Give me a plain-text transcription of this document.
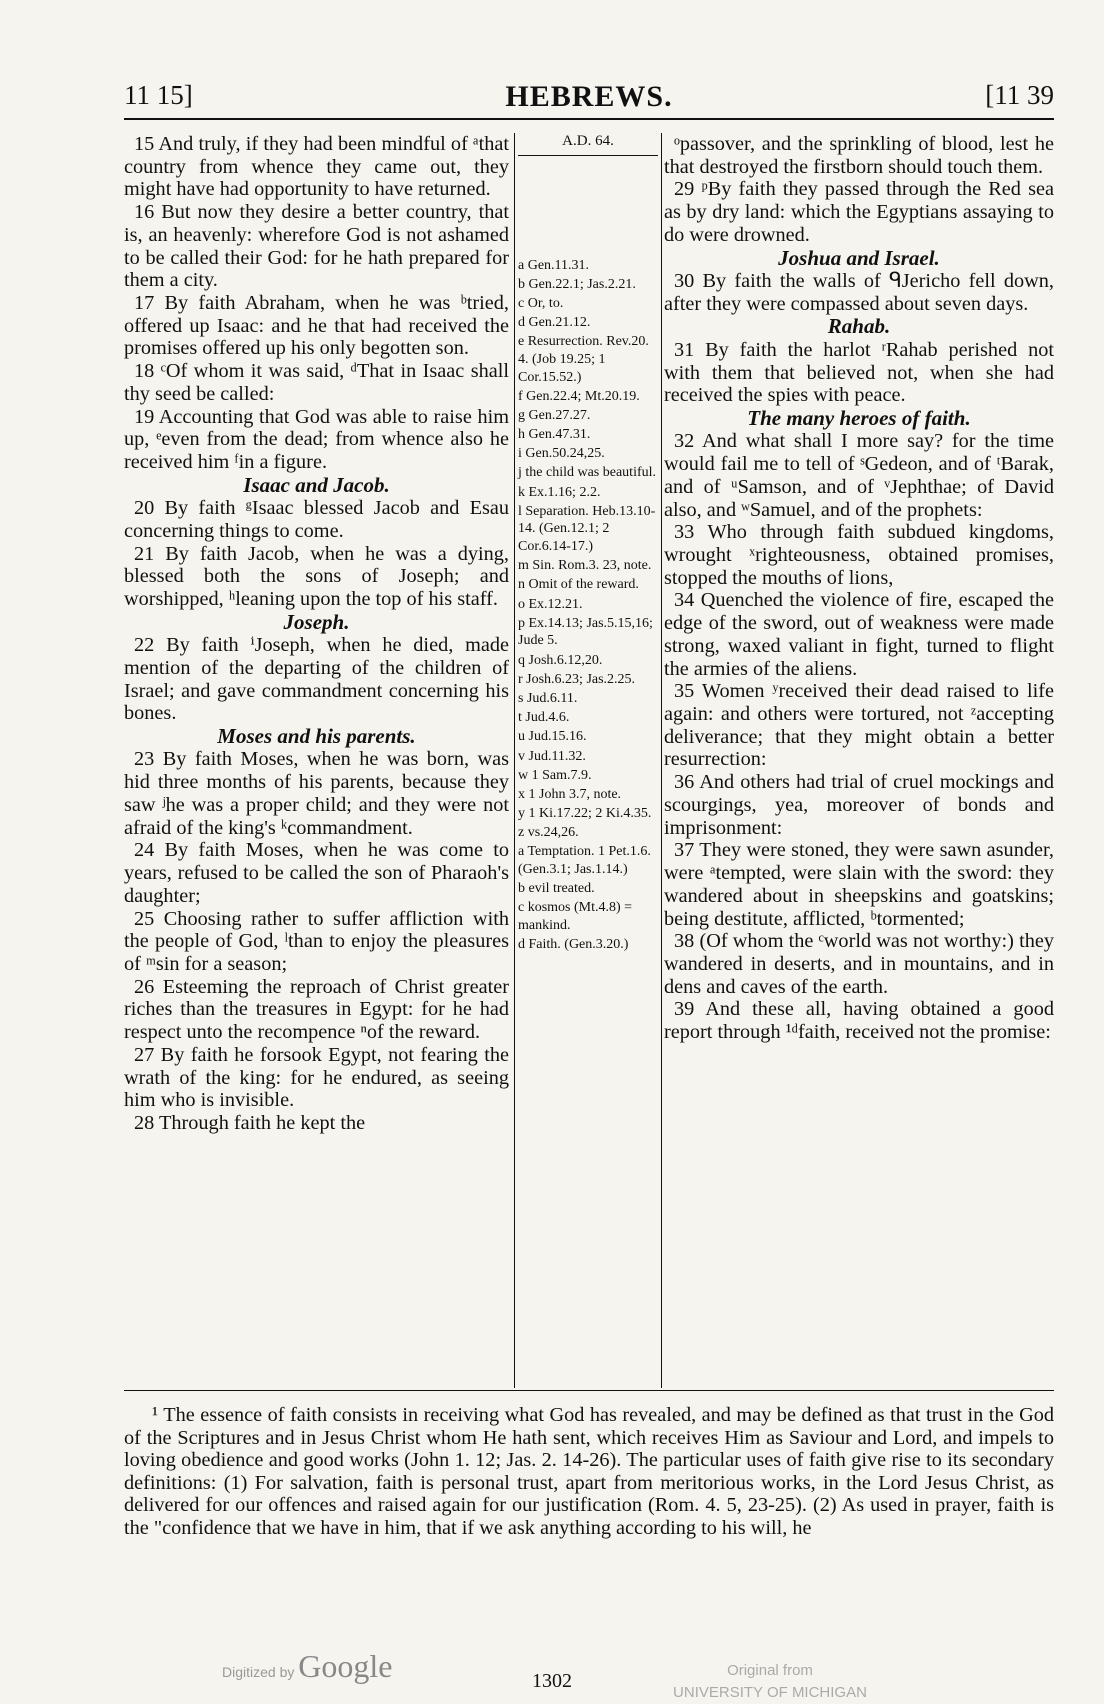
11 15]	HEBREWS.	[11 39

15 And truly, if they had been mindful of ᵃthat country from whence they came out, they might have had opportunity to have returned.

16 But now they desire a better country, that is, an heavenly: wherefore God is not ashamed to be called their God: for he hath prepared for them a city.

17 By faith Abraham, when he was ᵇtried, offered up Isaac: and he that had received the promises offered up his only begotten son.

18 ᶜOf whom it was said, ᵈThat in Isaac shall thy seed be called:

19 Accounting that God was able to raise him up, ᵉeven from the dead; from whence also he received him ᶠin a figure.

Isaac and Jacob.

20 By faith ᵍIsaac blessed Jacob and Esau concerning things to come.

21 By faith Jacob, when he was a dying, blessed both the sons of Joseph; and worshipped, ʰleaning upon the top of his staff.

Joseph.

22 By faith ⁱJoseph, when he died, made mention of the departing of the children of Israel; and gave commandment concerning his bones.

Moses and his parents.

23 By faith Moses, when he was born, was hid three months of his parents, because they saw ʲhe was a proper child; and they were not afraid of the king's ᵏcommandment.

24 By faith Moses, when he was come to years, refused to be called the son of Pharaoh's daughter;

25 Choosing rather to suffer affliction with the people of God, ˡthan to enjoy the pleasures of ᵐsin for a season;

26 Esteeming the reproach of Christ greater riches than the treasures in Egypt: for he had respect unto the recompence ⁿof the reward.

27 By faith he forsook Egypt, not fearing the wrath of the king: for he endured, as seeing him who is invisible.

28 Through faith he kept the

A.D. 64.
a Gen.11.31.
b Gen.22.1; Jas.2.21.
c Or, to.
d Gen.21.12.
e Resurrection. Rev.20. 4. (Job 19.25; 1 Cor.15.52.)
f Gen.22.4; Mt.20.19.
g Gen.27.27.
h Gen.47.31.
i Gen.50.24,25.
j the child was beautiful.
k Ex.1.16; 2.2.
l Separation. Heb.13.10-14. (Gen.12.1; 2 Cor.6.14-17.)
m Sin. Rom.3. 23, note.
n Omit of the reward.
o Ex.12.21.
p Ex.14.13; Jas.5.15,16; Jude 5.
q Josh.6.12,20.
r Josh.6.23; Jas.2.25.
s Jud.6.11.
t Jud.4.6.
u Jud.15.16.
v Jud.11.32.
w 1 Sam.7.9.
x 1 John 3.7, note.
y 1 Ki.17.22; 2 Ki.4.35.
z vs.24,26.
a Temptation. 1 Pet.1.6. (Gen.3.1; Jas.1.14.)
b evil treated.
c kosmos (Mt.4.8) = mankind.
d Faith. (Gen.3.20.)

ᵒpassover, and the sprinkling of blood, lest he that destroyed the firstborn should touch them.

29 ᵖBy faith they passed through the Red sea as by dry land: which the Egyptians assaying to do were drowned.

Joshua and Israel.

30 By faith the walls of ᑫJericho fell down, after they were compassed about seven days.

Rahab.

31 By faith the harlot ʳRahab perished not with them that believed not, when she had received the spies with peace.

The many heroes of faith.

32 And what shall I more say? for the time would fail me to tell of ˢGedeon, and of ᵗBarak, and of ᵘSamson, and of ᵛJephthae; of David also, and ʷSamuel, and of the prophets:

33 Who through faith subdued kingdoms, wrought ˣrighteousness, obtained promises, stopped the mouths of lions,

34 Quenched the violence of fire, escaped the edge of the sword, out of weakness were made strong, waxed valiant in fight, turned to flight the armies of the aliens.

35 Women ʸreceived their dead raised to life again: and others were tortured, not ᶻaccepting deliverance; that they might obtain a better resurrection:

36 And others had trial of cruel mockings and scourgings, yea, moreover of bonds and imprisonment:

37 They were stoned, they were sawn asunder, were ᵃtempted, were slain with the sword: they wandered about in sheepskins and goatskins; being destitute, afflicted, ᵇtormented;

38 (Of whom the ᶜworld was not worthy:) they wandered in deserts, and in mountains, and in dens and caves of the earth.

39 And these all, having obtained a good report through ¹ᵈfaith, received not the promise:

¹ The essence of faith consists in receiving what God has revealed, and may be defined as that trust in the God of the Scriptures and in Jesus Christ whom He hath sent, which receives Him as Saviour and Lord, and impels to loving obedience and good works (John 1. 12; Jas. 2. 14-26). The particular uses of faith give rise to its secondary definitions: (1) For salvation, faith is personal trust, apart from meritorious works, in the Lord Jesus Christ, as delivered for our offences and raised again for our justification (Rom. 4. 5, 23-25). (2) As used in prayer, faith is the "confidence that we have in him, that if we ask anything according to his will, he
1302
Digitized by Google	Original from
UNIVERSITY OF MICHIGAN
